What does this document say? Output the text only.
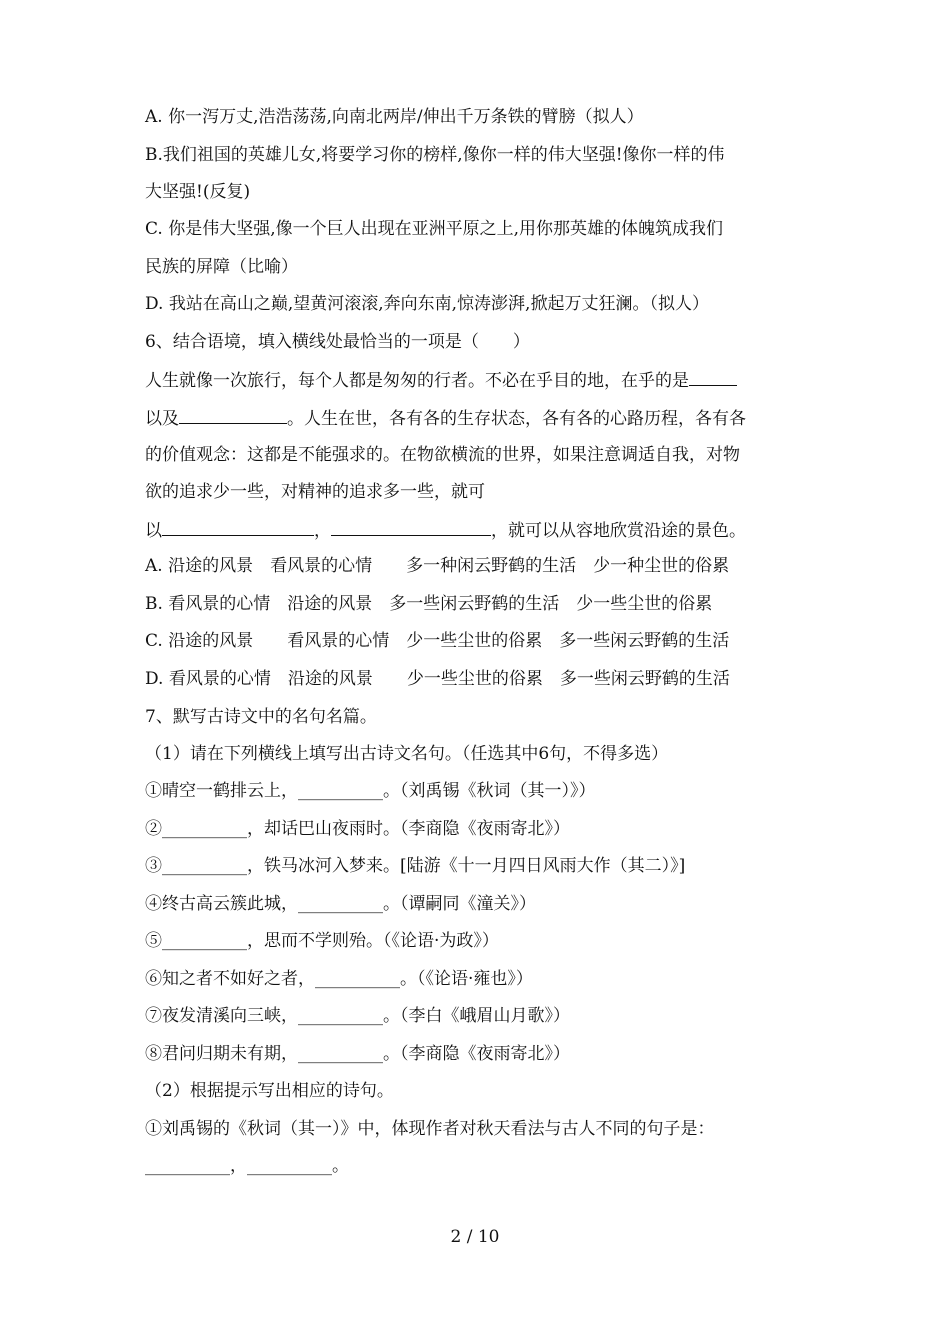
A. 你一泻万丈,浩浩荡荡,向南北两岸/伸出千万条铁的臂膀（拟人）
B.我们祖国的英雄儿女,将要学习你的榜样,像你一样的伟大坚强!像你一样的伟
大坚强!(反复)
C. 你是伟大坚强,像一个巨人出现在亚洲平原之上,用你那英雄的体魄筑成我们
民族的屏障（比喻）
D. 我站在高山之巅,望黄河滚滚,奔向东南,惊涛澎湃,掀起万丈狂澜。（拟人）
6、结合语境，填入横线处最恰当的一项是（　　）
人生就像一次旅行，每个人都是匆匆的行者。不必在乎目的地，在乎的是
以及	。人生在世，各有各的生存状态，各有各的心路历程，各有各
的价值观念：这都是不能强求的。在物欲横流的世界，如果注意调适自我，对物
欲的追求少一些，对精神的追求多一些，就可
以	，	，就可以从容地欣赏沿途的景色。
A. 沿途的风景　看风景的心情　　多一种闲云野鹤的生活　少一种尘世的俗累
B. 看风景的心情　沿途的风景　多一些闲云野鹤的生活　少一些尘世的俗累
C. 沿途的风景　　看风景的心情　少一些尘世的俗累　多一些闲云野鹤的生活
D. 看风景的心情　沿途的风景　　少一些尘世的俗累　多一些闲云野鹤的生活
7、默写古诗文中的名句名篇。
（1）请在下列横线上填写出古诗文名句。（任选其中6句，不得多选）
①晴空一鹤排云上，__________。（刘禹锡《秋词（其一）》）
②__________，却话巴山夜雨时。（李商隐《夜雨寄北》）
③__________，铁马冰河入梦来。[陆游《十一月四日风雨大作（其二）》]
④终古高云簇此城，__________。（谭嗣同《潼关》）
⑤__________，思而不学则殆。（《论语·为政》）
⑥知之者不如好之者，__________。（《论语·雍也》）
⑦夜发清溪向三峡，__________。（李白《峨眉山月歌》）
⑧君问归期未有期，__________。（李商隐《夜雨寄北》）
（2）根据提示写出相应的诗句。
①刘禹锡的《秋词（其一）》中，体现作者对秋天看法与古人不同的句子是：
__________，__________。
2 / 10
